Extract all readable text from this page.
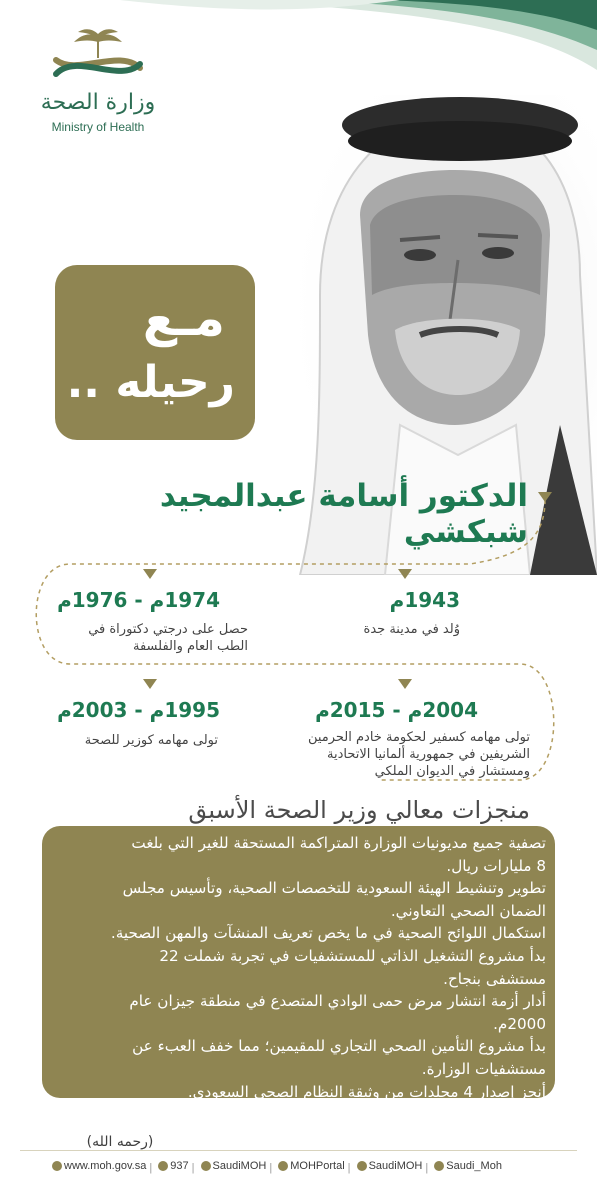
وزارة الصحة
Ministry of Health
مـع
رحيله ..
الدكتور أسامة عبدالمجيد شبكشي
1943م
وُلد في مدينة جدة
1974م - 1976م
حصل على درجتي دكتوراة في
الطب العام والفلسفة
2004م - 2015م
تولى مهامه كسفير لحكومة خادم الحرمين
الشريفين في جمهورية ألمانيا الاتحادية
ومستشار في الديوان الملكي
1995م - 2003م
تولى مهامه كوزير للصحة
منجزات معالي وزير الصحة الأسبق
تصفية جميع مديونيات الوزارة المتراكمة المستحقة للغير التي بلغت
8 مليارات ريال.
تطوير وتنشيط الهيئة السعودية للتخصصات الصحية، وتأسيس مجلس
الضمان الصحي التعاوني.
استكمال اللوائح الصحية في ما يخص تعريف المنشآت والمهن الصحية.
بدأ مشروع التشغيل الذاتي للمستشفيات في تجربة شملت 22
مستشفى بنجاح.
أدار أزمة انتشار مرض حمى الوادي المتصدع في منطقة جيزان عام
2000م.
بدأ مشروع التأمين الصحي التجاري للمقيمين؛ مما خفف العبء عن
مستشفيات الوزارة.
أنجز إصدار 4 مجلدات من وثيقة النظام الصحي السعودي.
(رحمه الله)
www.moh.gov.sa | 937 | SaudiMOH | MOHPortal | SaudiMOH | Saudi_Moh
